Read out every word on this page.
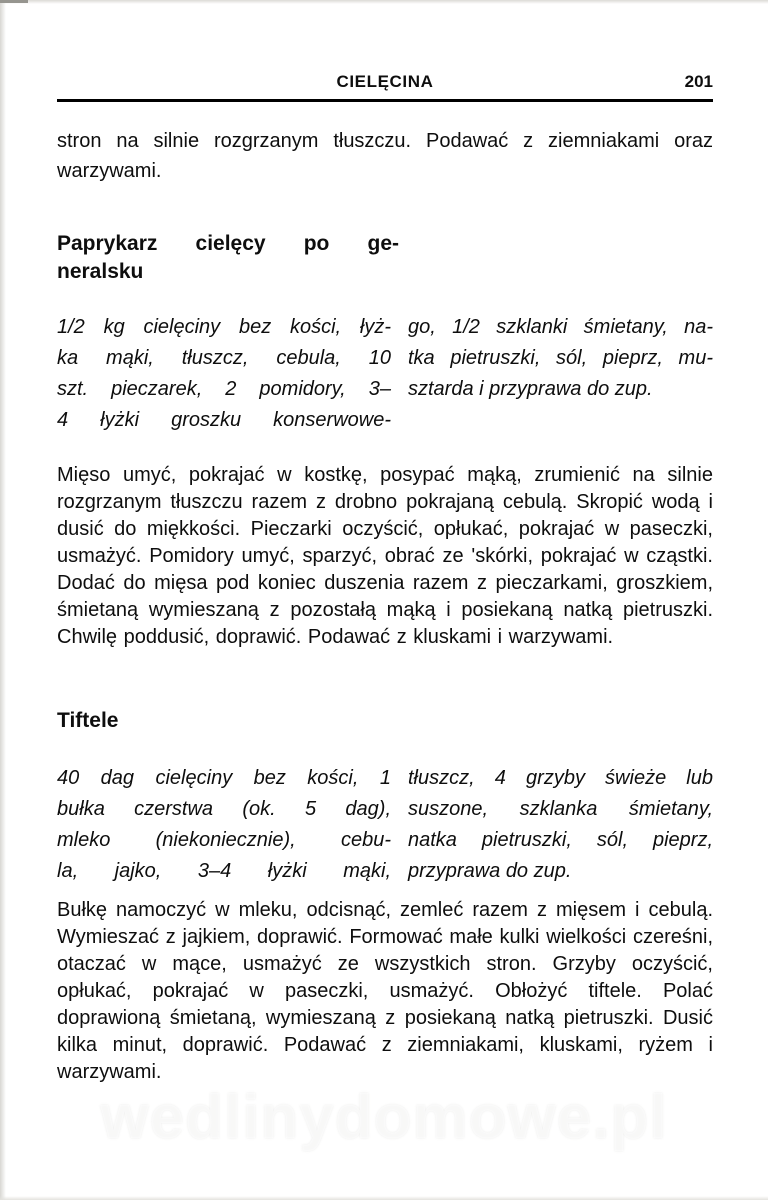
CIELĘCINA	201
stron na silnie rozgrzanym tłuszczu. Podawać z ziemniakami oraz warzywami.
Paprykarz cielęcy po ge-
neralsku
1/2 kg cielęciny bez kości, łyż-
ka mąki, tłuszcz, cebula, 10
szt. pieczarek, 2 pomidory, 3–
4 łyżki groszku konserwowe-
go, 1/2 szklanki śmietany, na-
tka pietruszki, sól, pieprz, mu-
sztarda i przyprawa do zup.
Mięso umyć, pokrajać w kostkę, posypać mąką, zrumienić na silnie rozgrzanym tłuszczu razem z drobno pokrajaną cebulą. Skropić wodą i dusić do miękkości. Pieczarki oczyścić, opłukać, pokrajać w paseczki, usmażyć. Pomidory umyć, sparzyć, obrać ze 'skórki, pokrajać w cząstki. Dodać do mięsa pod koniec duszenia razem z pieczarkami, groszkiem, śmietaną wymieszaną z pozostałą mąką i posiekaną natką pietruszki. Chwilę poddusić, doprawić. Podawać z kluskami i warzywami.
Tiftele
40 dag cielęciny bez kości, 1
bułka czerstwa (ok. 5 dag),
mleko (niekoniecznie), cebu-
la, jajko, 3–4 łyżki mąki,
tłuszcz, 4 grzyby świeże lub
suszone, szklanka śmietany,
natka pietruszki, sól, pieprz,
przyprawa do zup.
Bułkę namoczyć w mleku, odcisnąć, zemleć razem z mięsem i cebulą. Wymieszać z jajkiem, doprawić. Formować małe kulki wielkości czereśni, otaczać w mące, usmażyć ze wszystkich stron. Grzyby oczyścić, opłukać, pokrajać w paseczki, usmażyć. Obłożyć tiftele. Polać doprawioną śmietaną, wymieszaną z posiekaną natką pietruszki. Dusić kilka minut, doprawić. Podawać z ziemniakami, kluskami, ryżem i warzywami.
wedlinydomowe.pl
